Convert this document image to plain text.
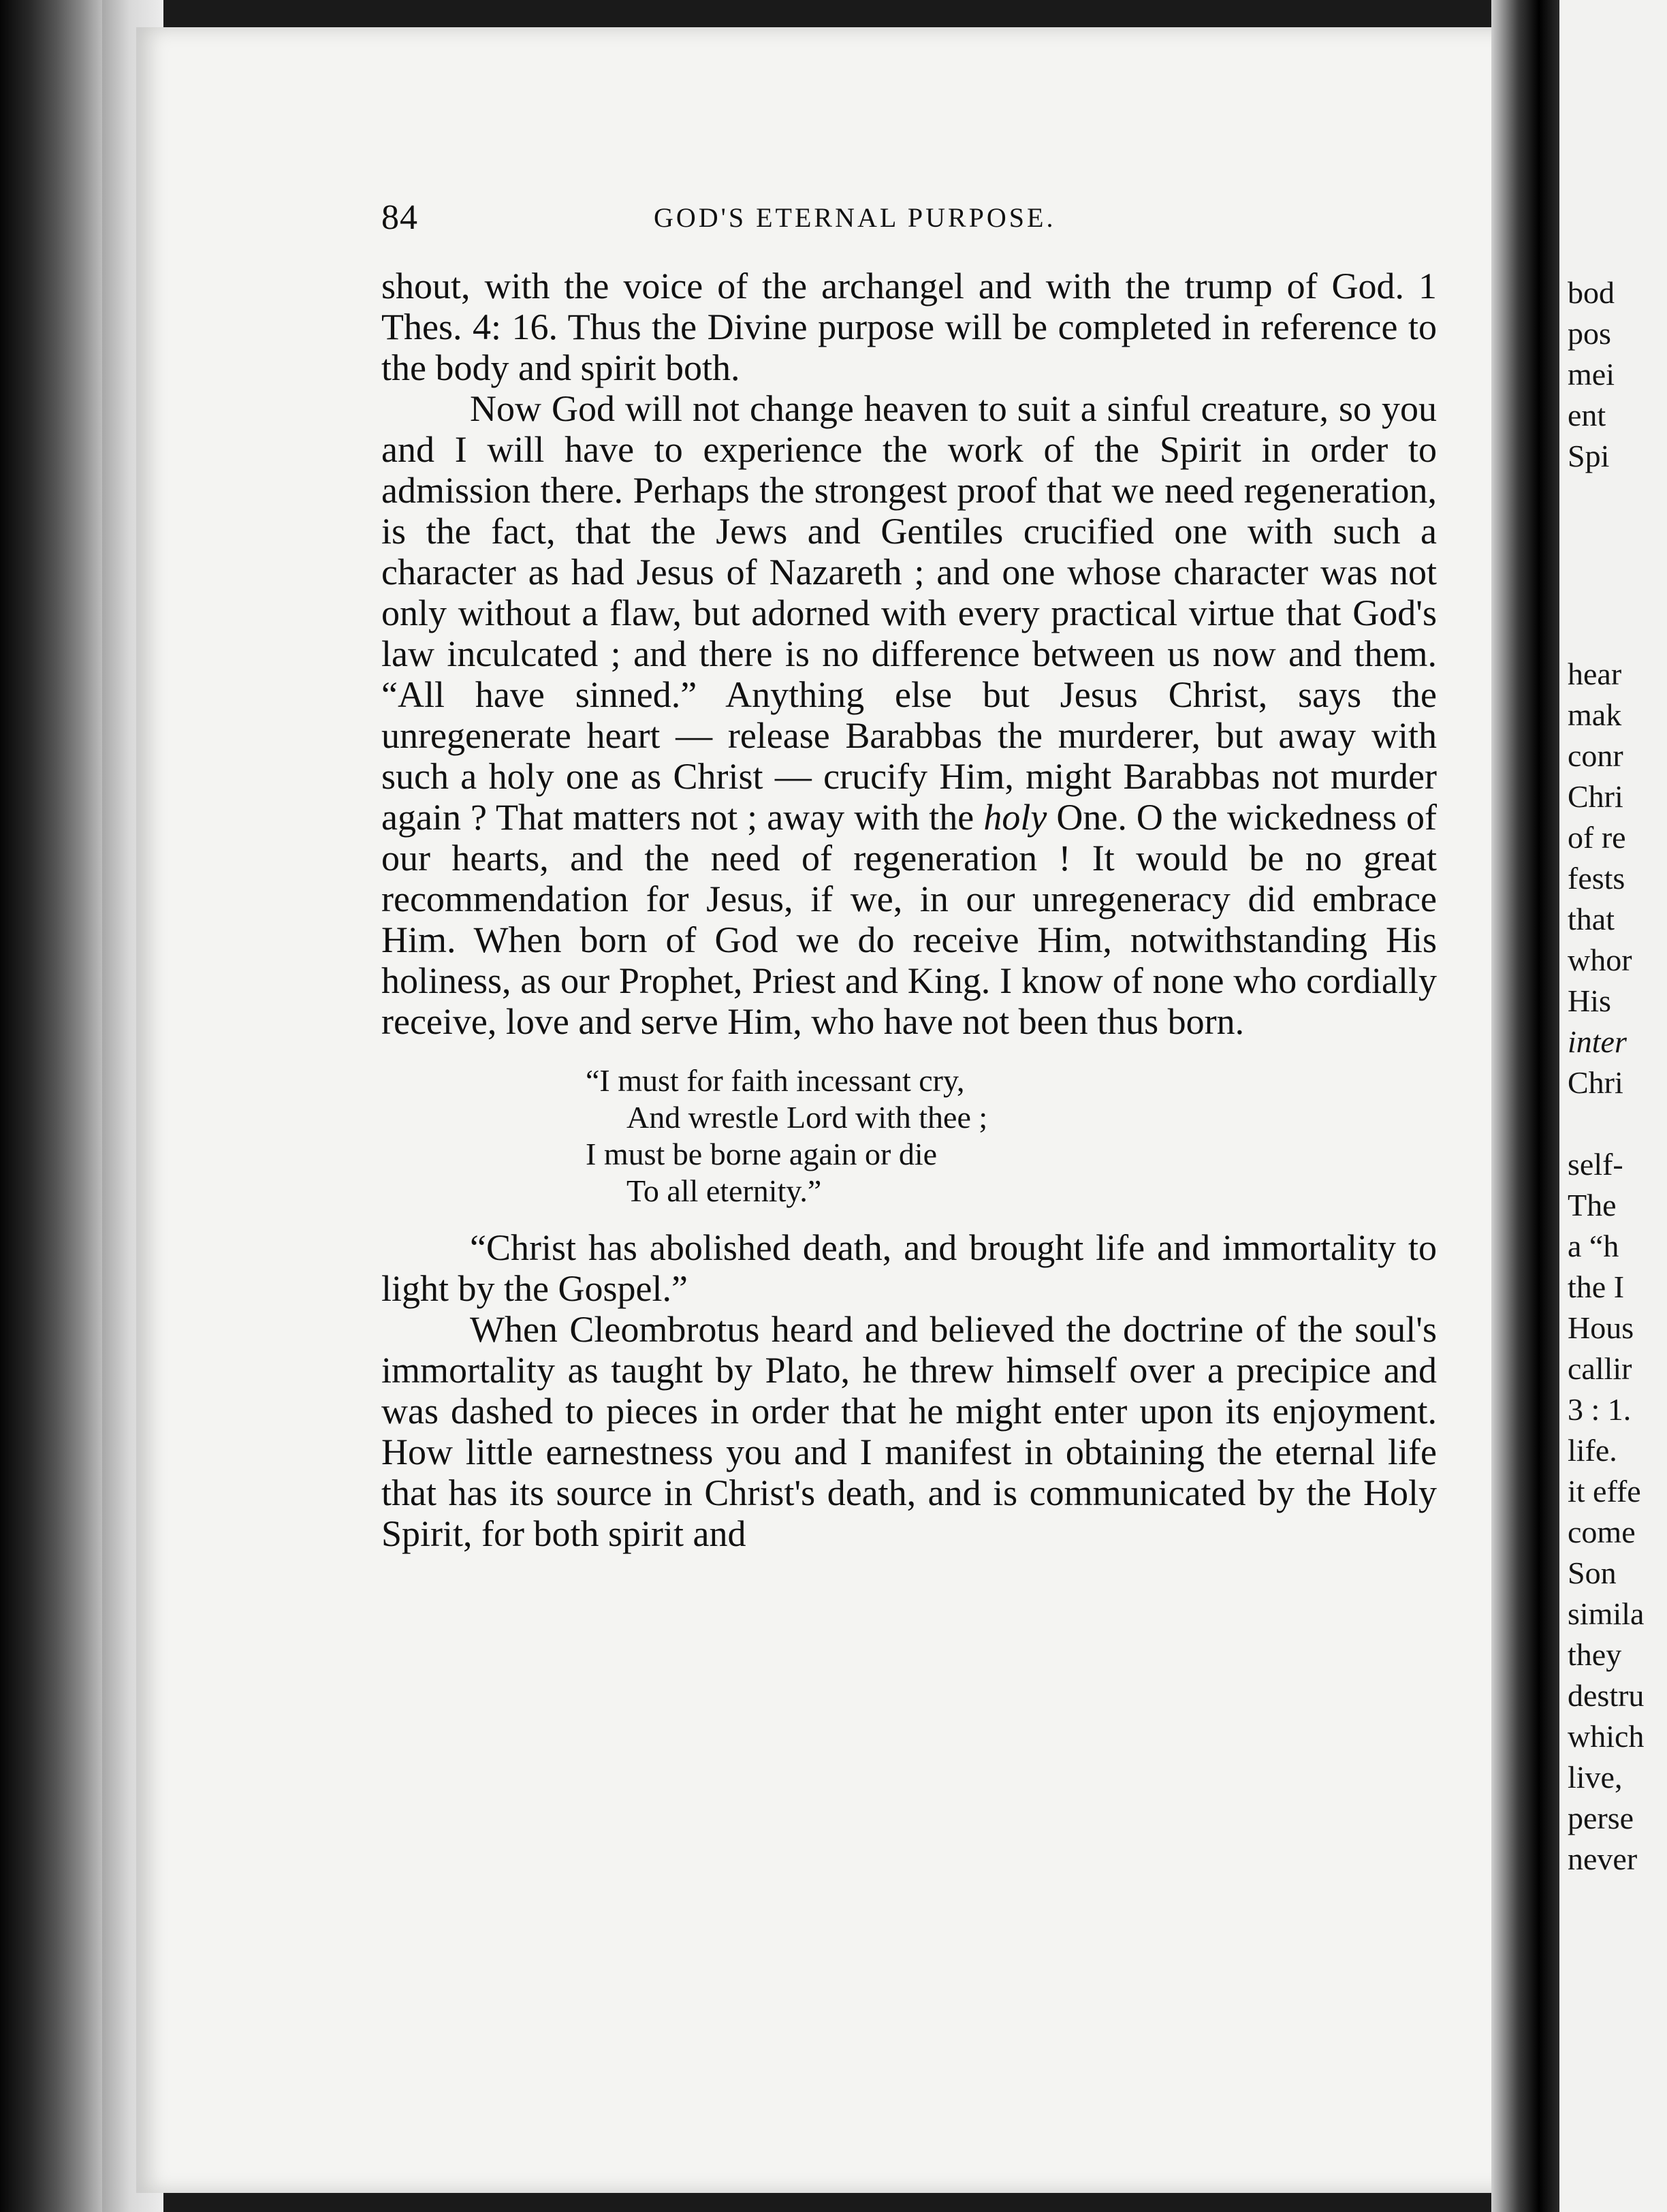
84	GOD'S ETERNAL PURPOSE.

shout, with the voice of the archangel and with the trump of God. 1 Thes. 4: 16. Thus the Divine purpose will be completed in reference to the body and spirit both.

Now God will not change heaven to suit a sinful creature, so you and I will have to experience the work of the Spirit in order to admission there. Perhaps the strongest proof that we need regeneration, is the fact, that the Jews and Gentiles crucified one with such a character as had Jesus of Nazareth ; and one whose character was not only without a flaw, but adorned with every practical virtue that God's law inculcated ; and there is no difference between us now and them. “All have sinned.” Anything else but Jesus Christ, says the unregenerate heart — release Barabbas the murderer, but away with such a holy one as Christ — crucify Him, might Barabbas not murder again ? That matters not ; away with the holy One. O the wickedness of our hearts, and the need of regeneration ! It would be no great recommendation for Jesus, if we, in our unregeneracy did embrace Him. When born of God we do receive Him, notwithstanding His holiness, as our Prophet, Priest and King. I know of none who cordially receive, love and serve Him, who have not been thus born.

“I must for faith incessant cry,

And wrestle Lord with thee ;

I must be borne again or die

To all eternity.”

“Christ has abolished death, and brought life and immortality to light by the Gospel.”

When Cleombrotus heard and believed the doctrine of the soul's immortality as taught by Plato, he threw himself over a precipice and was dashed to pieces in order that he might enter upon its enjoyment. How little earnestness you and I manifest in obtaining the eternal life that has its source in Christ's death, and is communicated by the Holy Spirit, for both spirit and

bod
pos
mei
ent
Spi
hear
mak
conr
Chri
of re
fests
that
whor
His
inter
Chri
self-
The
a “h
the I
Hous
callir
3 : 1.
life.
it effe
come
Son
simila
they
destru
which
live,
perse
never
